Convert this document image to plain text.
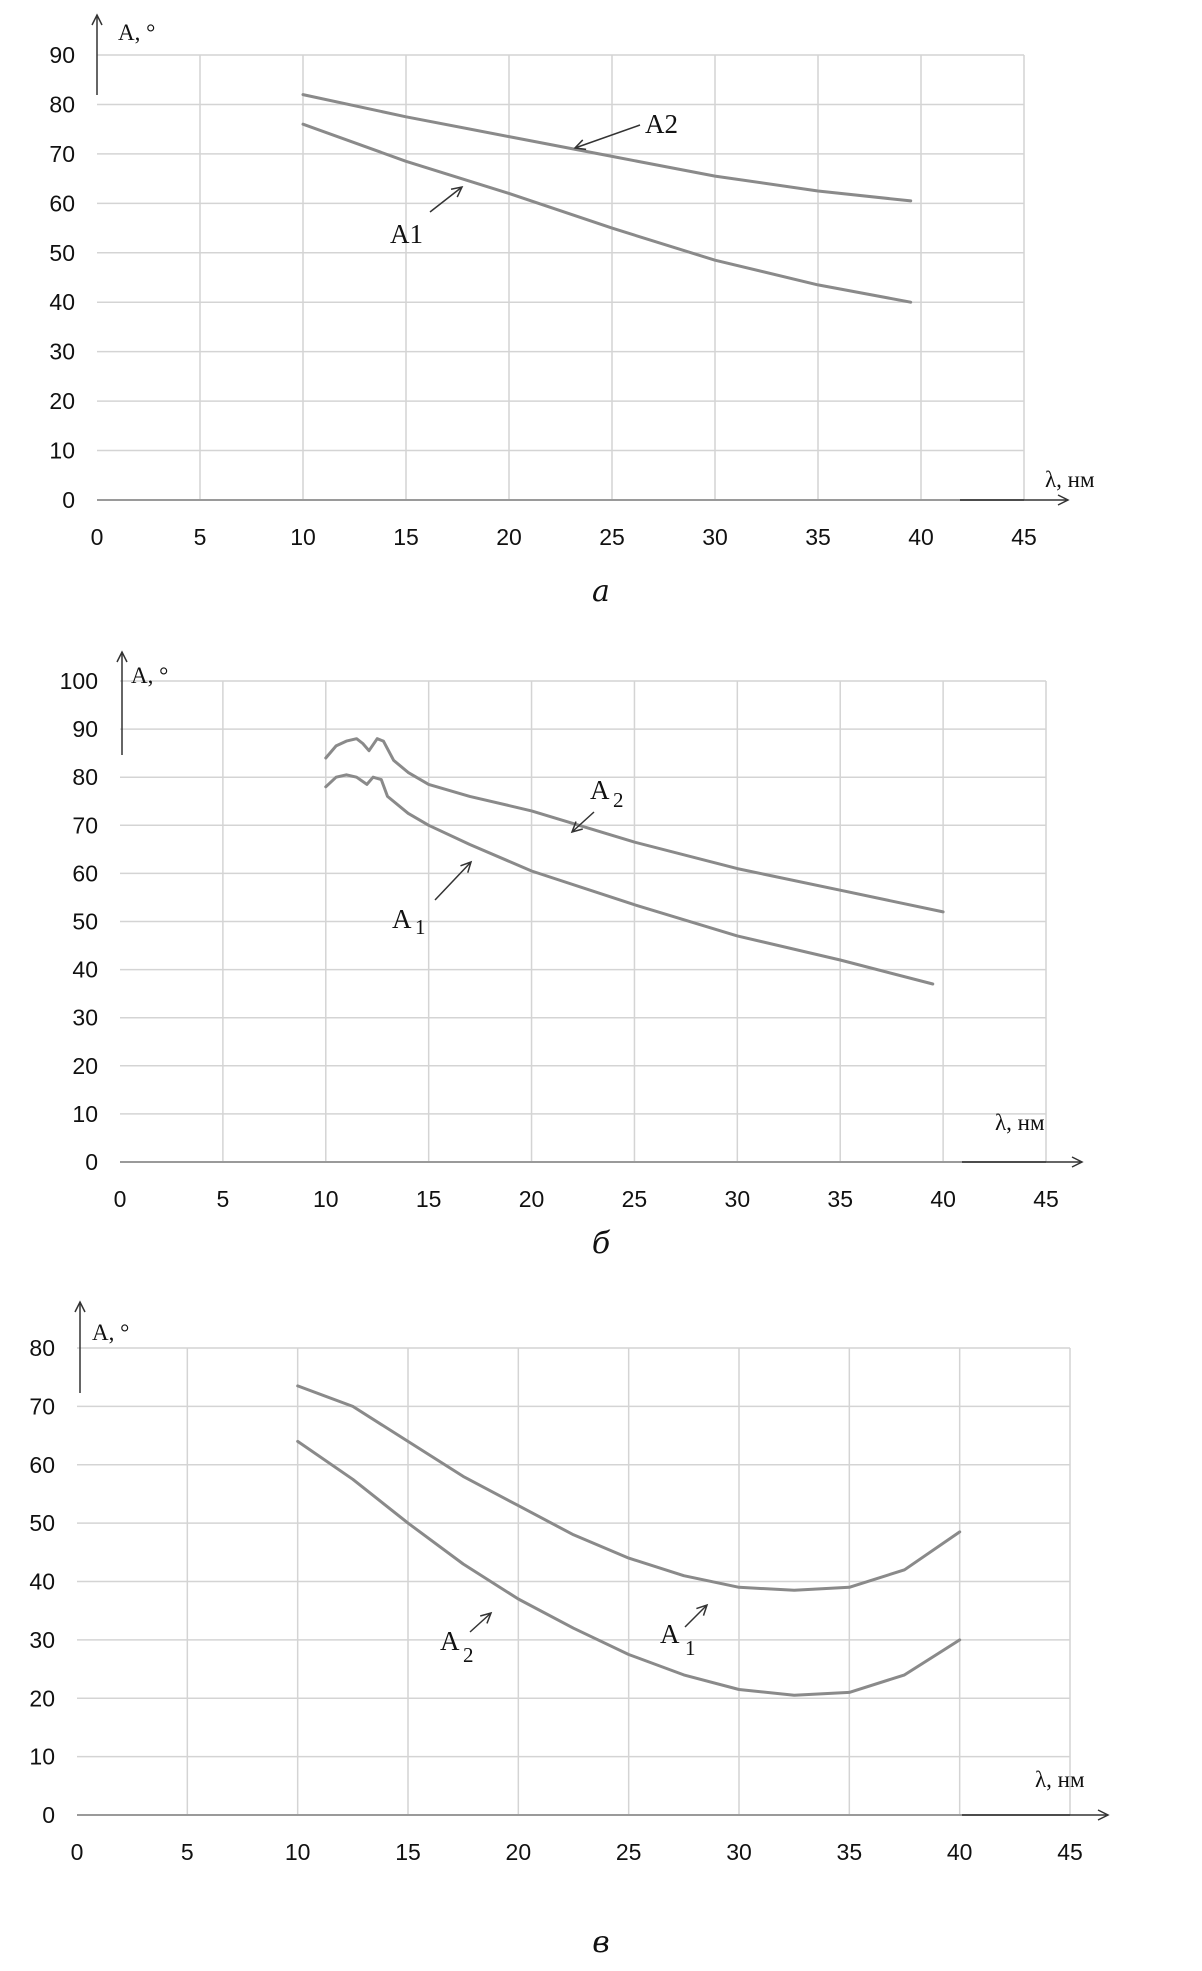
0	5	10	15	20	25	30	35	40	45
0
10
20
30
40
50
60
70
80
90
A, °
λ, нм
A1
A2
а
0	5	10	15	20	25	30	35	40	45
0
10
20
30
40
50
60
70
80
90
100 A, °
λ, нм
A 1
A 2
б
0	5	10	15	20	25	30	35	40	45
0
10
20
30
40
50
60
70
80
A, °
λ, нм
A 1
A 2
в
